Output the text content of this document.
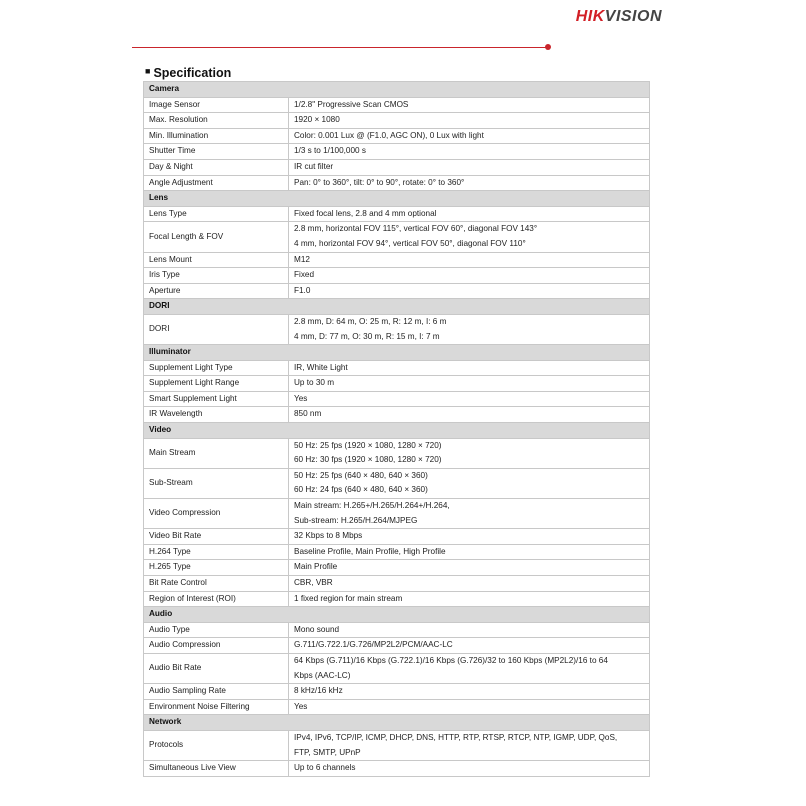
HIKVISION
■ Specification
Camera	
Image Sensor	1/2.8" Progressive Scan CMOS

Max. Resolution	1920 × 1080

Min. Illumination	Color: 0.001 Lux @ (F1.0, AGC ON), 0 Lux with light

Shutter Time	1/3 s to 1/100,000 s

Day & Night	IR cut filter

Angle Adjustment	Pan: 0° to 360°, tilt: 0° to 90°, rotate: 0° to 360°

Lens	
Lens Type	Fixed focal lens, 2.8 and 4 mm optional

Focal Length & FOV	2.8 mm, horizontal FOV 115°, vertical FOV 60°, diagonal FOV 143°
4 mm, horizontal FOV 94°, vertical FOV 50°, diagonal FOV 110°

Lens Mount	M12

Iris Type	Fixed

Aperture	F1.0

DORI	
DORI	2.8 mm, D: 64 m, O: 25 m, R: 12 m, I: 6 m
4 mm, D: 77 m, O: 30 m, R: 15 m, I: 7 m

Illuminator	
Supplement Light Type	IR, White Light

Supplement Light Range	Up to 30 m

Smart Supplement Light	Yes

IR Wavelength	850 nm

Video	
Main Stream	50 Hz: 25 fps (1920 × 1080, 1280 × 720)
60 Hz: 30 fps (1920 × 1080, 1280 × 720)

Sub-Stream	50 Hz: 25 fps (640 × 480, 640 × 360)
60 Hz: 24 fps (640 × 480, 640 × 360)

Video Compression	Main stream: H.265+/H.265/H.264+/H.264,
Sub-stream: H.265/H.264/MJPEG

Video Bit Rate	32 Kbps to 8 Mbps

H.264 Type	Baseline Profile, Main Profile, High Profile

H.265 Type	Main Profile

Bit Rate Control	CBR, VBR

Region of Interest (ROI)	1 fixed region for main stream

Audio	
Audio Type	Mono sound

Audio Compression	G.711/G.722.1/G.726/MP2L2/PCM/AAC-LC

Audio Bit Rate	64 Kbps (G.711)/16 Kbps (G.722.1)/16 Kbps (G.726)/32 to 160 Kbps (MP2L2)/16 to 64
Kbps (AAC-LC)

Audio Sampling Rate	8 kHz/16 kHz

Environment Noise Filtering	Yes

Network	
Protocols	IPv4, IPv6, TCP/IP, ICMP, DHCP, DNS, HTTP, RTP, RTSP, RTCP, NTP, IGMP, UDP, QoS,
FTP, SMTP, UPnP

Simultaneous Live View	Up to 6 channels
